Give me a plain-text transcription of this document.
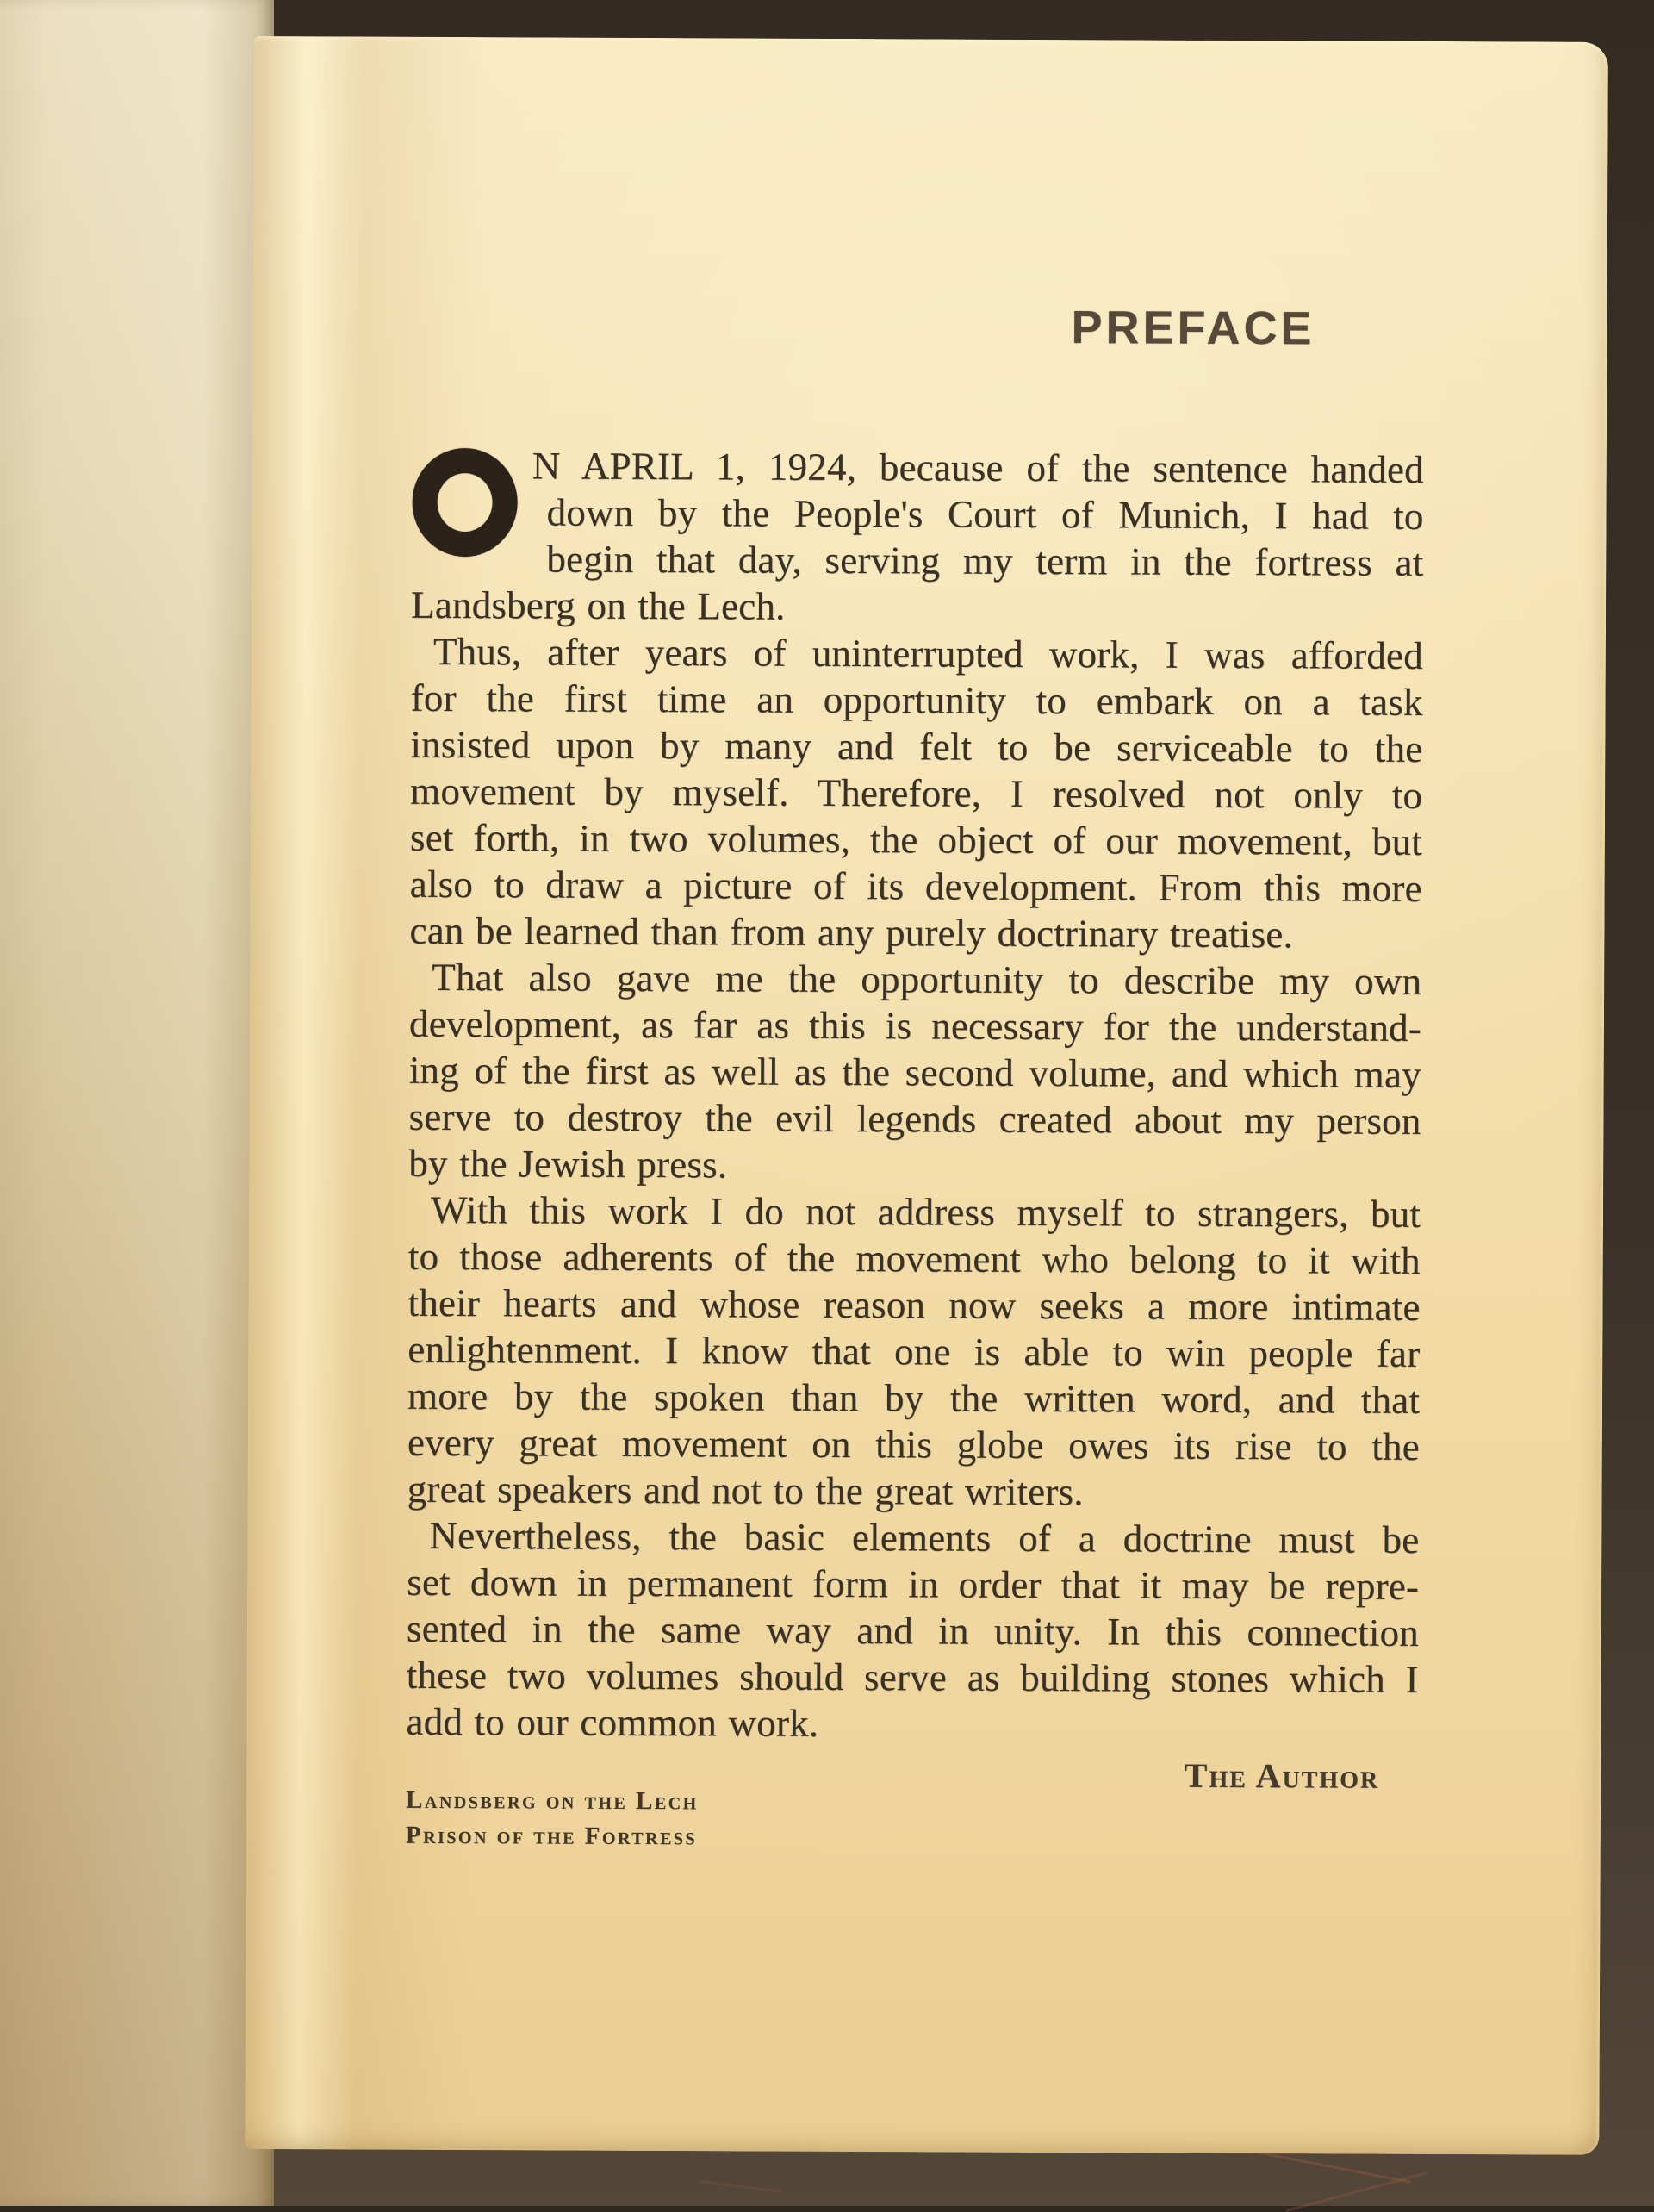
PREFACE
N APRIL 1, 1924, because of the sentence handed
down by the People's Court of Munich, I had to
begin that day, serving my term in the fortress at
Landsberg on the Lech.
Thus, after years of uninterrupted work, I was afforded
for the first time an opportunity to embark on a task
insisted upon by many and felt to be serviceable to the
movement by myself. Therefore, I resolved not only to
set forth, in two volumes, the object of our movement, but
also to draw a picture of its development. From this more
can be learned than from any purely doctrinary treatise.
That also gave me the opportunity to describe my own
development, as far as this is necessary for the understand-
ing of the first as well as the second volume, and which may
serve to destroy the evil legends created about my person
by the Jewish press.
With this work I do not address myself to strangers, but
to those adherents of the movement who belong to it with
their hearts and whose reason now seeks a more intimate
enlightenment. I know that one is able to win people far
more by the spoken than by the written word, and that
every great movement on this globe owes its rise to the
great speakers and not to the great writers.
Nevertheless, the basic elements of a doctrine must be
set down in permanent form in order that it may be repre-
sented in the same way and in unity. In this connection
these two volumes should serve as building stones which I
add to our common work.
The Author
Landsberg on the Lech
Prison of the Fortress
